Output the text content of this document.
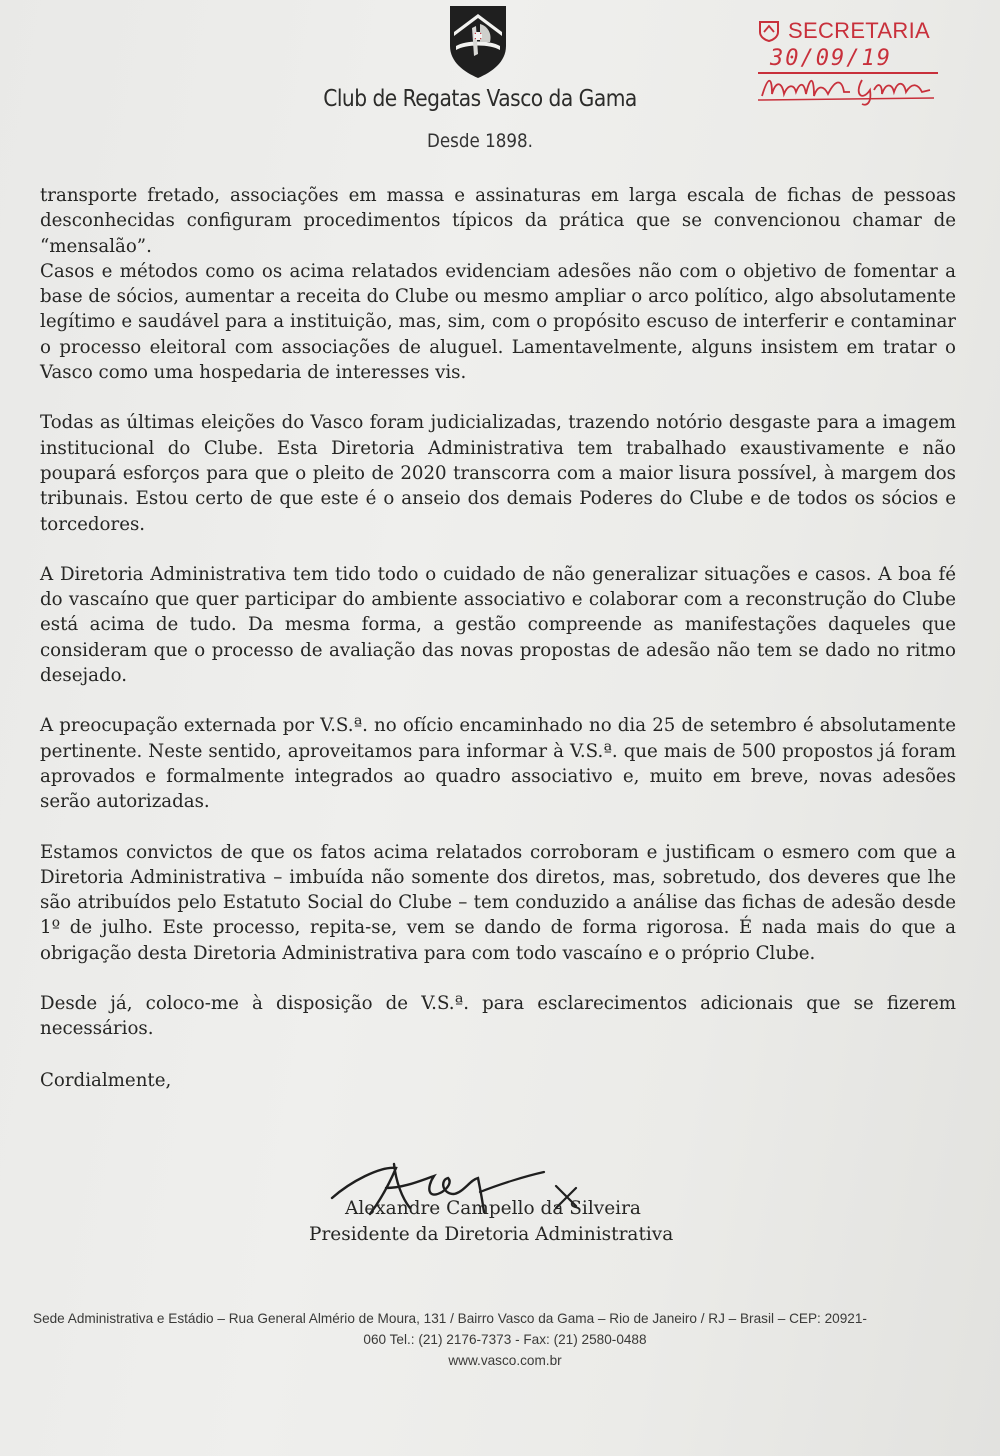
Club de Regatas Vasco da Gama
Desde 1898.
SECRETARIA
30/09/19

transporte fretado, associações em massa e assinaturas em larga escala de fichas de pessoas desconhecidas configuram procedimentos típicos da prática que se convencionou chamar de “mensalão”.

Casos e métodos como os acima relatados evidenciam adesões não com o objetivo de fomentar a base de sócios, aumentar a receita do Clube ou mesmo ampliar o arco político, algo absolutamente legítimo e saudável para a instituição, mas, sim, com o propósito escuso de interferir e contaminar o processo eleitoral com associações de aluguel. Lamentavelmente, alguns insistem em tratar o Vasco como uma hospedaria de interesses vis.

Todas as últimas eleições do Vasco foram judicializadas, trazendo notório desgaste para a imagem institucional do Clube. Esta Diretoria Administrativa tem trabalhado exaustivamente e não poupará esforços para que o pleito de 2020 transcorra com a maior lisura possível, à margem dos tribunais. Estou certo de que este é o anseio dos demais Poderes do Clube e de todos os sócios e torcedores.

A Diretoria Administrativa tem tido todo o cuidado de não generalizar situações e casos. A boa fé do vascaíno que quer participar do ambiente associativo e colaborar com a reconstrução do Clube está acima de tudo. Da mesma forma, a gestão compreende as manifestações daqueles que consideram que o processo de avaliação das novas propostas de adesão não tem se dado no ritmo desejado.

A preocupação externada por V.S.ª. no ofício encaminhado no dia 25 de setembro é absolutamente pertinente. Neste sentido, aproveitamos para informar à V.S.ª. que mais de 500 propostos já foram aprovados e formalmente integrados ao quadro associativo e, muito em breve, novas adesões serão autorizadas.

Estamos convictos de que os fatos acima relatados corroboram e justificam o esmero com que a Diretoria Administrativa – imbuída não somente dos diretos, mas, sobretudo, dos deveres que lhe são atribuídos pelo Estatuto Social do Clube – tem conduzido a análise das fichas de adesão desde 1º de julho. Este processo, repita-se, vem se dando de forma rigorosa. É nada mais do que a obrigação desta Diretoria Administrativa para com todo vascaíno e o próprio Clube.

Desde já, coloco-me à disposição de V.S.ª. para esclarecimentos adicionais que se fizerem necessários.

Cordialmente,

Alexandre Campello da Silveira
Presidente da Diretoria Administrativa
Sede Administrativa e Estádio – Rua General Almério de Moura, 131 / Bairro Vasco da Gama – Rio de Janeiro / RJ – Brasil – CEP: 20921-
060 Tel.: (21) 2176-7373 - Fax: (21) 2580-0488
www.vasco.com.br
